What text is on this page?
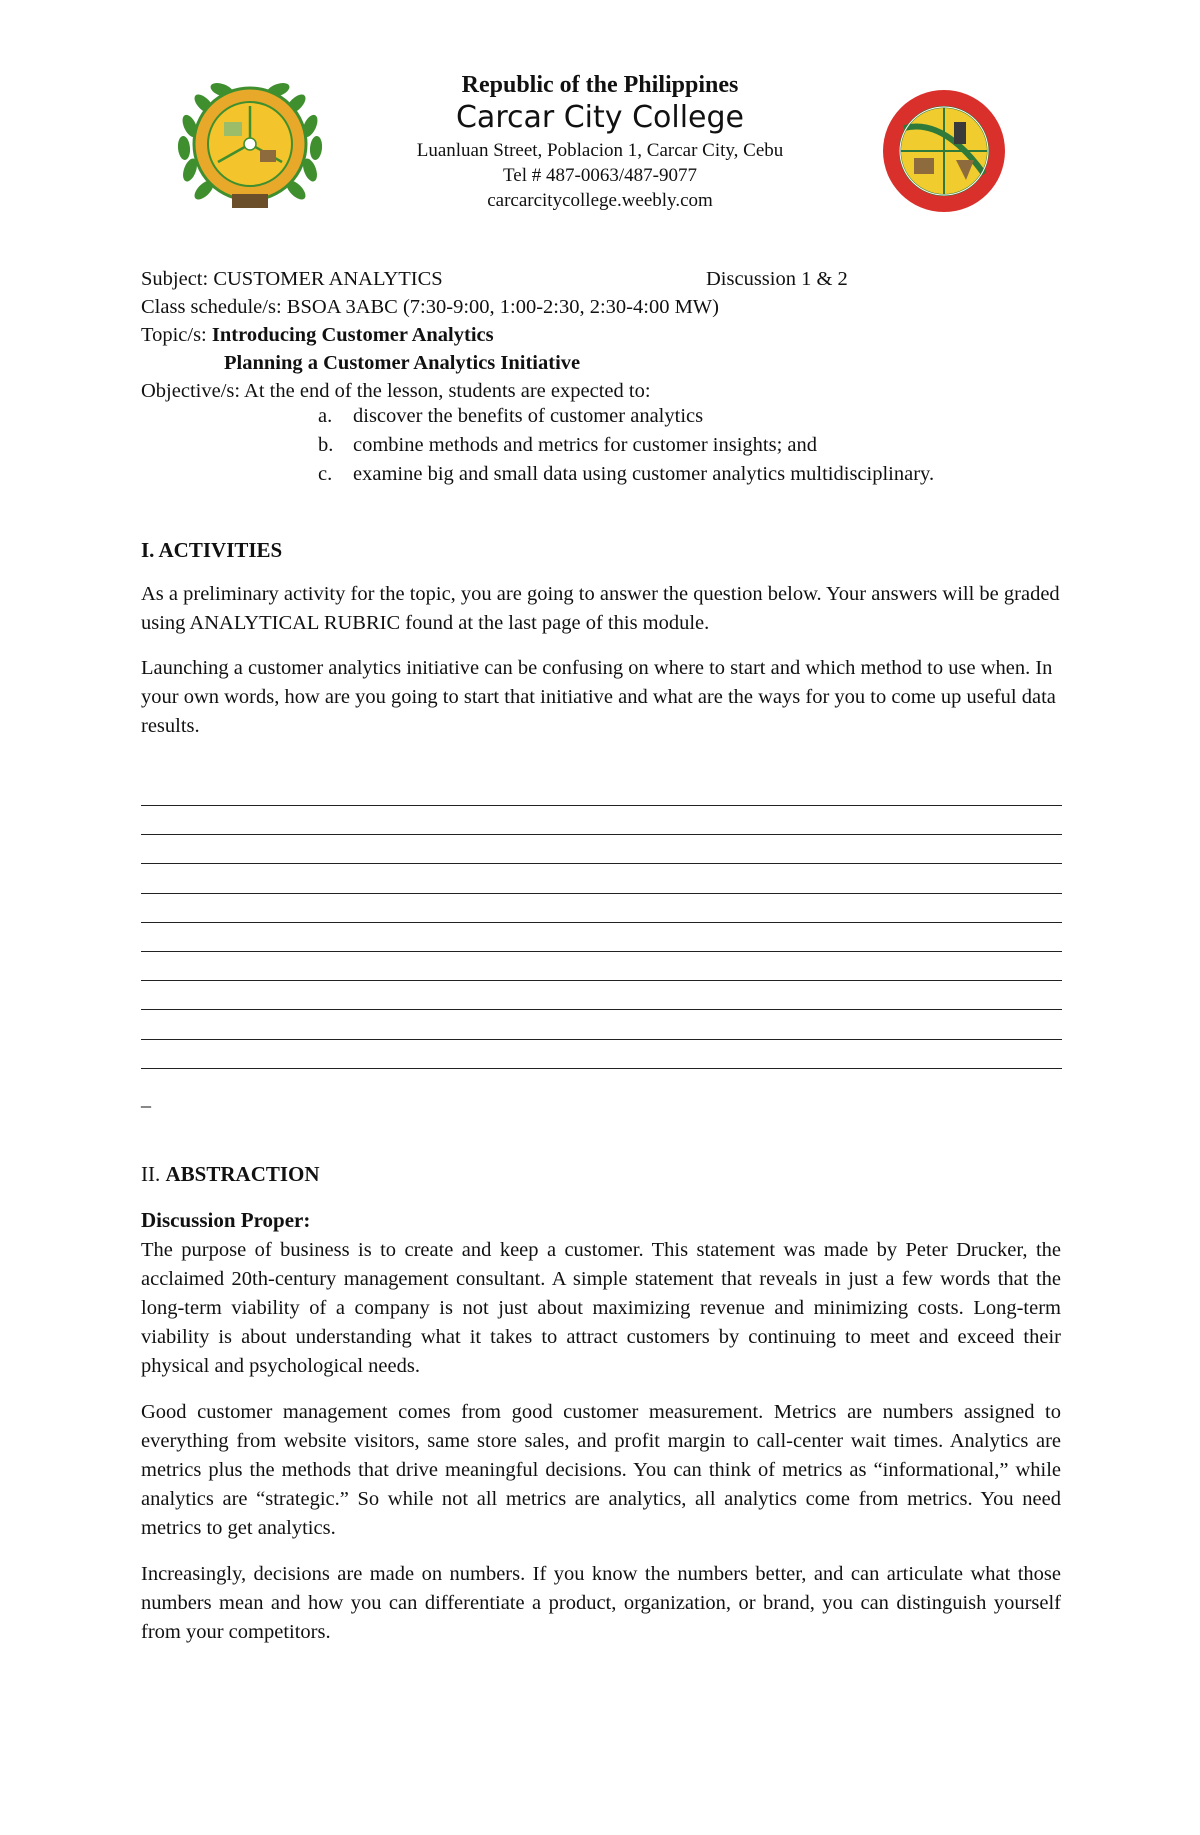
Republic of the Philippines
Carcar City College
Luanluan Street, Poblacion 1, Carcar City, Cebu
Tel # 487-0063/487-9077
carcarcitycollege.weebly.com
Subject: CUSTOMER ANALYTICS	Discussion 1 & 2
Class schedule/s: BSOA 3ABC (7:30-9:00, 1:00-2:30, 2:30-4:00 MW)
Topic/s: Introducing Customer Analytics
Planning a Customer Analytics Initiative
Objective/s: At the end of the lesson, students are expected to:
a. discover the benefits of customer analytics
b. combine methods and metrics for customer insights; and
c. examine big and small data using customer analytics multidisciplinary.
I. ACTIVITIES
As a preliminary activity for the topic, you are going to answer the question below. Your answers will be graded using ANALYTICAL RUBRIC found at the last page of this module.
Launching a customer analytics initiative can be confusing on where to start and which method to use when. In your own words, how are you going to start that initiative and what are the ways for you to come up useful data results.
_
II. ABSTRACTION
Discussion Proper:
The purpose of business is to create and keep a customer. This statement was made by Peter Drucker, the acclaimed 20th-century management consultant. A simple statement that reveals in just a few words that the long-term viability of a company is not just about maximizing revenue and minimizing costs. Long-term viability is about understanding what it takes to attract customers by continuing to meet and exceed their physical and psychological needs.
Good customer management comes from good customer measurement. Metrics are numbers assigned to everything from website visitors, same store sales, and profit margin to call-center wait times. Analytics are metrics plus the methods that drive meaningful decisions. You can think of metrics as “informational,” while analytics are “strategic.” So while not all metrics are analytics, all analytics come from metrics. You need metrics to get analytics.
Increasingly, decisions are made on numbers. If you know the numbers better, and can articulate what those numbers mean and how you can differentiate a product, organization, or brand, you can distinguish yourself from your competitors.
